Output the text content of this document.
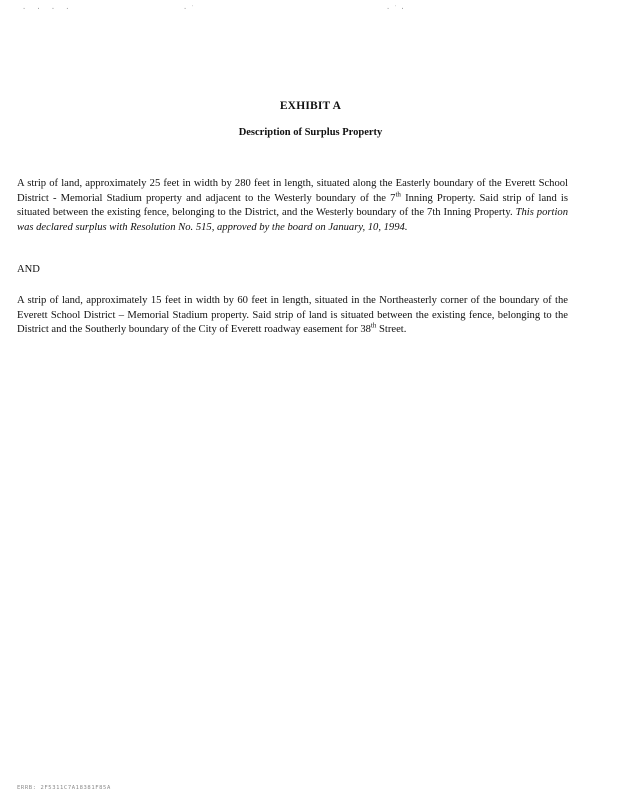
· · · ·	·˙	·˙·
EXHIBIT A
Description of Surplus Property

A strip of land, approximately 25 feet in width by 280 feet in length, situated along the Easterly boundary of the Everett School District - Memorial Stadium property and adjacent to the Westerly boundary of the 7th Inning Property. Said strip of land is situated between the existing fence, belonging to the District, and the Westerly boundary of the 7th Inning Property. This portion was declared surplus with Resolution No. 515, approved by the board on January, 10, 1994.

AND

A strip of land, approximately 15 feet in width by 60 feet in length, situated in the Northeasterly corner of the boundary of the Everett School District – Memorial Stadium property. Said strip of land is situated between the existing fence, belonging to the District and the Southerly boundary of the City of Everett roadway easement for 38th Street.

ERRB: 2F5311C7A18381F85A
